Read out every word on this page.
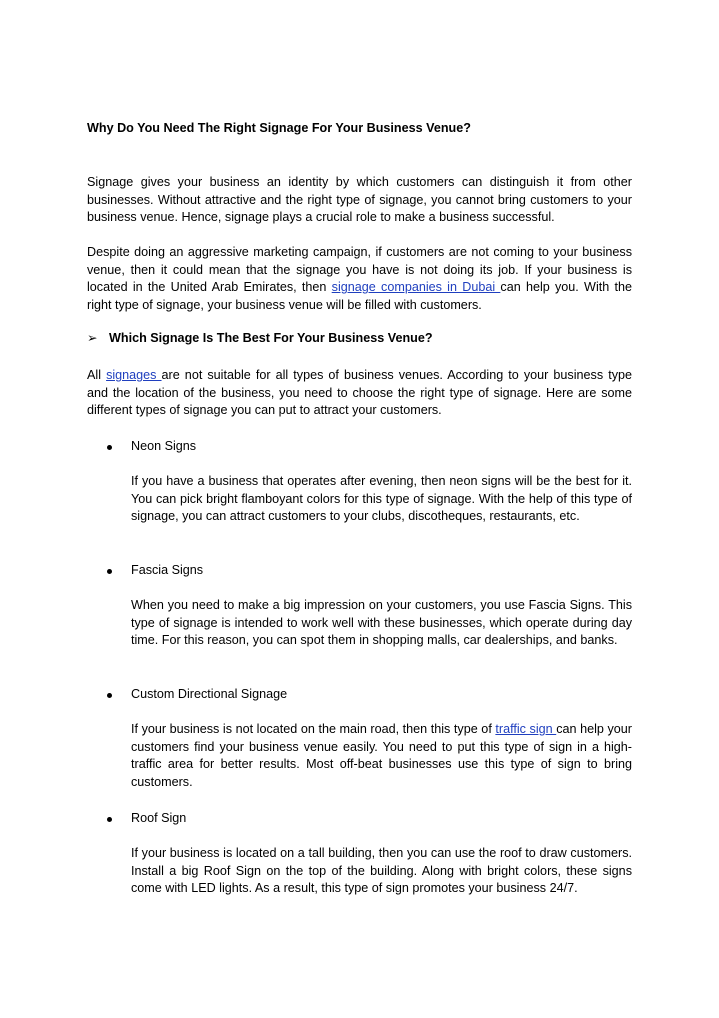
Why Do You Need The Right Signage For Your Business Venue?

Signage gives your business an identity by which customers can distinguish it from other businesses. Without attractive and the right type of signage, you cannot bring customers to your business venue. Hence, signage plays a crucial role to make a business successful.

Despite doing an aggressive marketing campaign, if customers are not coming to your business venue, then it could mean that the signage you have is not doing its job. If your business is located in the United Arab Emirates, then signage companies in Dubai can help you. With the right type of signage, your business venue will be filled with customers.

➢ Which Signage Is The Best For Your Business Venue?

All signages are not suitable for all types of business venues. According to your business type and the location of the business, you need to choose the right type of signage. Here are some different types of signage you can put to attract your customers.

Neon Signs

If you have a business that operates after evening, then neon signs will be the best for it. You can pick bright flamboyant colors for this type of signage. With the help of this type of signage, you can attract customers to your clubs, discotheques, restaurants, etc.

Fascia Signs

When you need to make a big impression on your customers, you use Fascia Signs. This type of signage is intended to work well with these businesses, which operate during day time. For this reason, you can spot them in shopping malls, car dealerships, and banks.

Custom Directional Signage

If your business is not located on the main road, then this type of traffic sign can help your customers find your business venue easily. You need to put this type of sign in a high-traffic area for better results. Most off-beat businesses use this type of sign to bring customers.

Roof Sign

If your business is located on a tall building, then you can use the roof to draw customers. Install a big Roof Sign on the top of the building. Along with bright colors, these signs come with LED lights. As a result, this type of sign promotes your business 24/7.
